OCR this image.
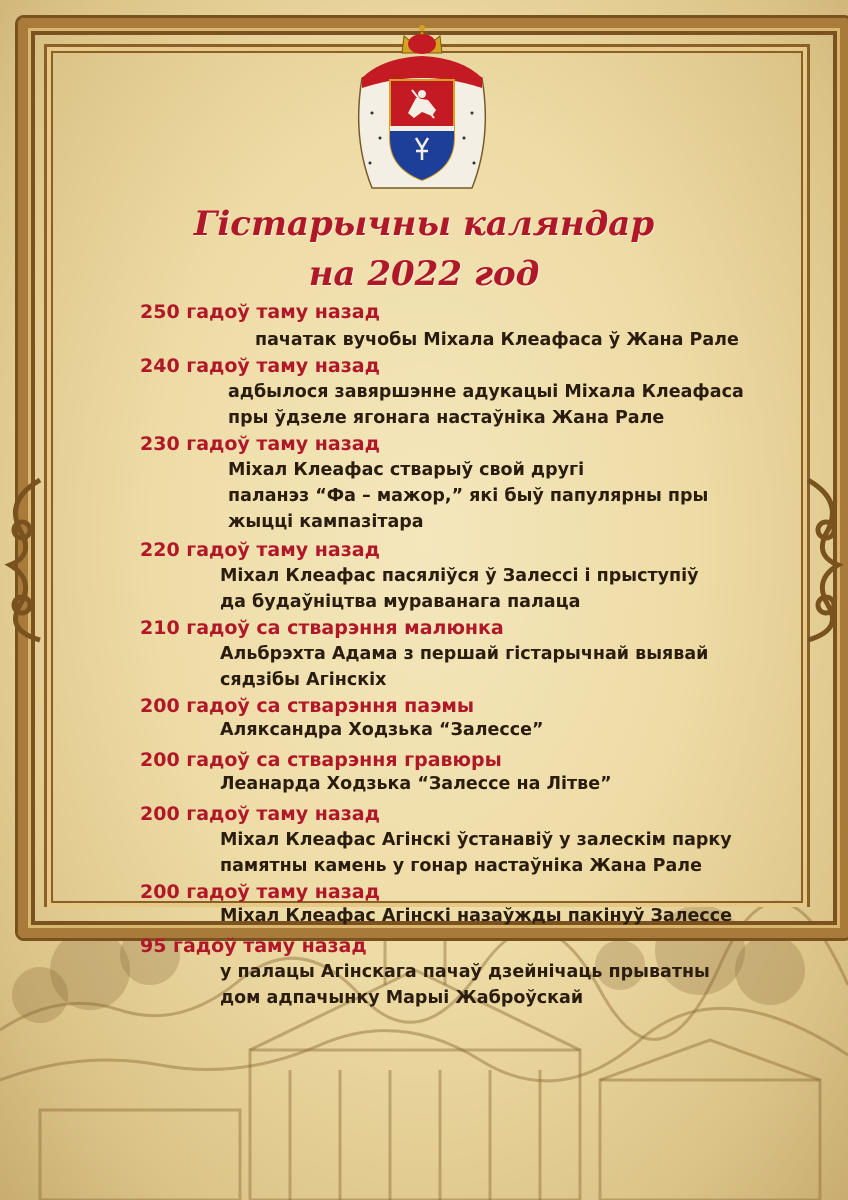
Гістарычны каляндар
на 2022 год
250 гадоў таму назад
пачатак вучобы Міхала Клеафаса ў Жана Рале
240 гадоў таму назад
адбылося завяршэнне адукацыі Міхала Клеафаса
пры ўдзеле ягонага настаўніка Жана Рале
230 гадоў таму назад
Міхал Клеафас стварыў свой другі
паланэз “Фа – мажор,” які быў папулярны пры
жыцці кампазітара
220 гадоў таму назад
Міхал Клеафас пасяліўся ў Залессі і прыступіў
да будаўніцтва мураванага палаца
210 гадоў са стварэння малюнка
Альбрэхта Адама з першай гістарычнай выявай
сядзібы Агінскіх
200 гадоў са стварэння паэмы
Аляксандра Ходзька “Залессе”
200 гадоў са стварэння гравюры
Леанарда Ходзька “Залессе на Літве”
200 гадоў таму назад
Міхал Клеафас Агінскі ўстанавіў у залескім парку
памятны камень у гонар настаўніка Жана Рале
200 гадоў таму назад
Міхал Клеафас Агінскі назаўжды пакінуў Залессе
95 гадоў таму назад
у палацы Агінскага пачаў дзейнічаць прыватны
дом адпачынку Марыі Жаброўскай
